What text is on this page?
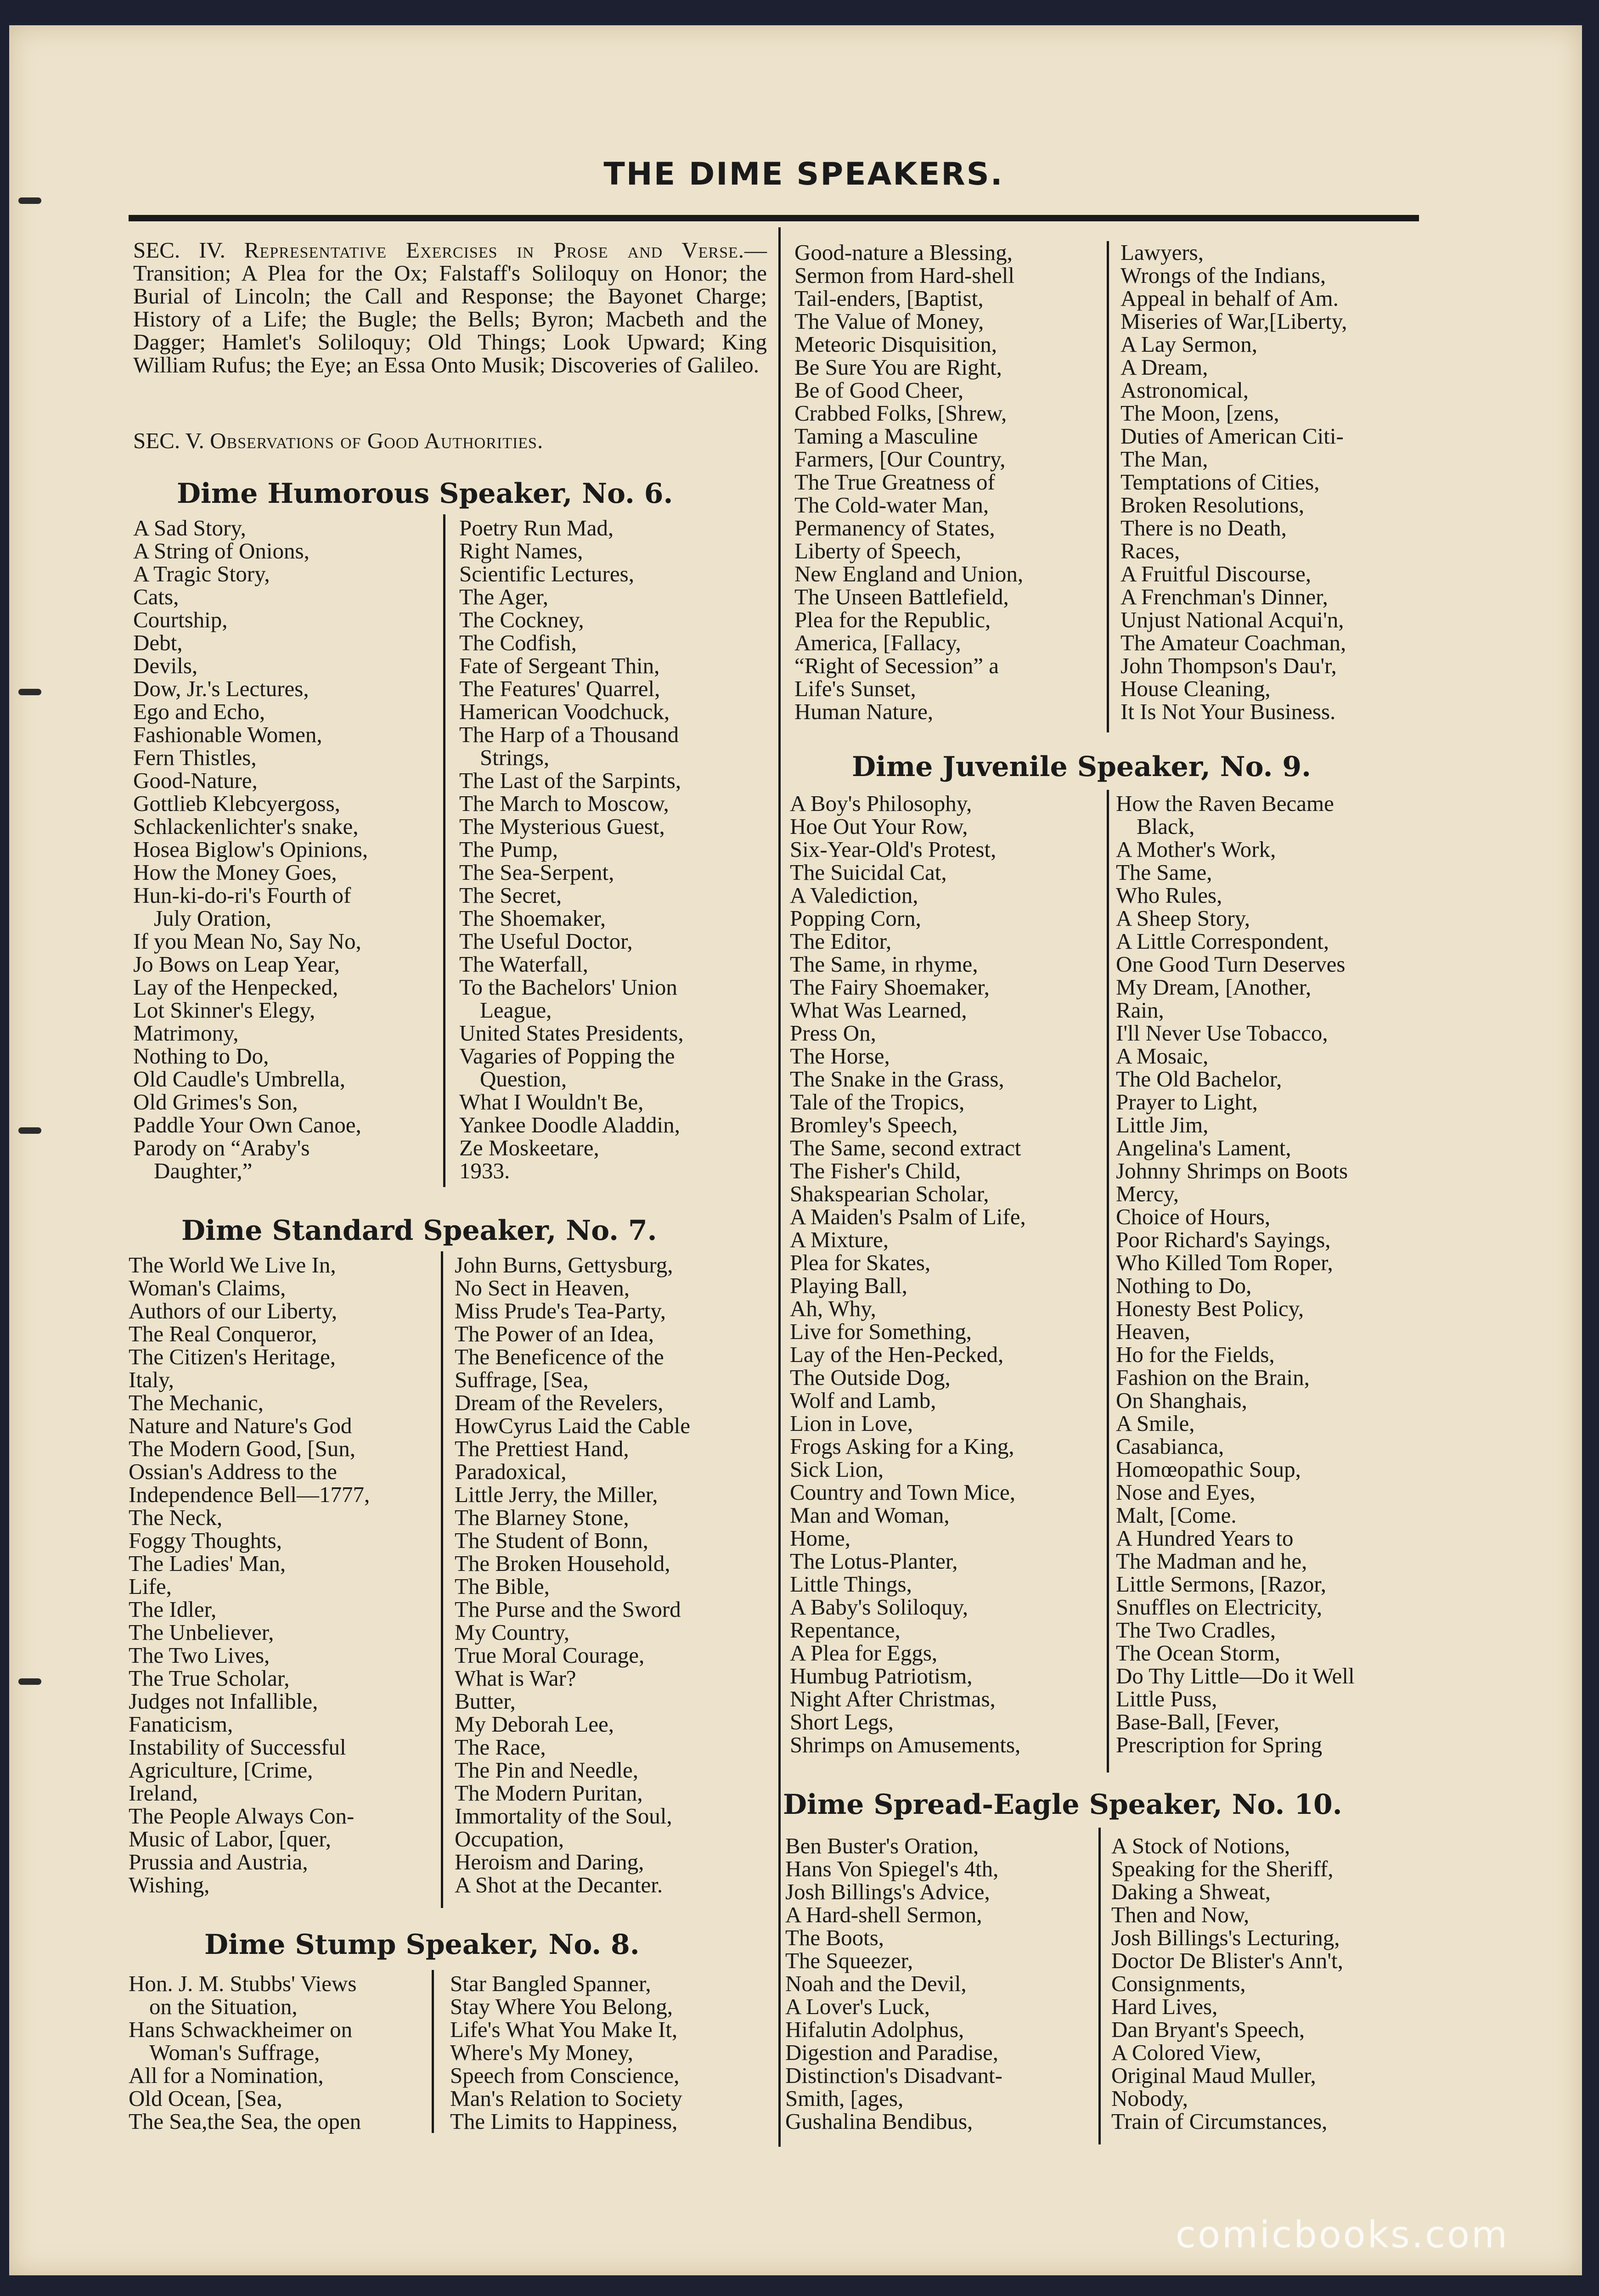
THE DIME SPEAKERS.
SEC. IV. Representative Exercises in Prose and Verse.—Transition; A Plea for the Ox; Falstaff's Soliloquy on Honor; the Burial of Lincoln; the Call and Response; the Bayonet Charge; History of a Life; the Bugle; the Bells; Byron; Macbeth and the Dagger; Hamlet's Soliloquy; Old Things; Look Upward; King William Rufus; the Eye; an Essa Onto Musik; Discoveries of Galileo.
SEC. V. Observations of Good Authorities.
Dime Humorous Speaker, No. 6.
Dime Standard Speaker, No. 7.
Dime Stump Speaker, No. 8.
Dime Juvenile Speaker, No. 9.
Dime Spread-Eagle Speaker, No. 10.
A Sad Story,
A String of Onions,
A Tragic Story,
Cats,
Courtship,
Debt,
Devils,
Dow, Jr.'s Lectures,
Ego and Echo,
Fashionable Women,
Fern Thistles,
Good-Nature,
Gottlieb Klebcyergoss,
Schlackenlichter's snake,
Hosea Biglow's Opinions,
How the Money Goes,
Hun-ki-do-ri's Fourth of
July Oration,
If you Mean No, Say No,
Jo Bows on Leap Year,
Lay of the Henpecked,
Lot Skinner's Elegy,
Matrimony,
Nothing to Do,
Old Caudle's Umbrella,
Old Grimes's Son,
Paddle Your Own Canoe,
Parody on “Araby's
Daughter,”
Poetry Run Mad,
Right Names,
Scientific Lectures,
The Ager,
The Cockney,
The Codfish,
Fate of Sergeant Thin,
The Features' Quarrel,
Hamerican Voodchuck,
The Harp of a Thousand
Strings,
The Last of the Sarpints,
The March to Moscow,
The Mysterious Guest,
The Pump,
The Sea-Serpent,
The Secret,
The Shoemaker,
The Useful Doctor,
The Waterfall,
To the Bachelors' Union
League,
United States Presidents,
Vagaries of Popping the
Question,
What I Wouldn't Be,
Yankee Doodle Aladdin,
Ze Moskeetare,
1933.
The World We Live In,
Woman's Claims,
Authors of our Liberty,
The Real Conqueror,
The Citizen's Heritage,
Italy,
The Mechanic,
Nature and Nature's God
The Modern Good, [Sun,
Ossian's Address to the
Independence Bell—1777,
The Neck,
Foggy Thoughts,
The Ladies' Man,
Life,
The Idler,
The Unbeliever,
The Two Lives,
The True Scholar,
Judges not Infallible,
Fanaticism,
Instability of Successful
Agriculture, [Crime,
Ireland,
The People Always Con-
Music of Labor, [quer,
Prussia and Austria,
Wishing,
John Burns, Gettysburg,
No Sect in Heaven,
Miss Prude's Tea-Party,
The Power of an Idea,
The Beneficence of the
Suffrage, [Sea,
Dream of the Revelers,
HowCyrus Laid the Cable
The Prettiest Hand,
Paradoxical,
Little Jerry, the Miller,
The Blarney Stone,
The Student of Bonn,
The Broken Household,
The Bible,
The Purse and the Sword
My Country,
True Moral Courage,
What is War?
Butter,
My Deborah Lee,
The Race,
The Pin and Needle,
The Modern Puritan,
Immortality of the Soul,
Occupation,
Heroism and Daring,
A Shot at the Decanter.
Hon. J. M. Stubbs' Views
on the Situation,
Hans Schwackheimer on
Woman's Suffrage,
All for a Nomination,
Old Ocean, [Sea,
The Sea,the Sea, the open
Star Bangled Spanner,
Stay Where You Belong,
Life's What You Make It,
Where's My Money,
Speech from Conscience,
Man's Relation to Society
The Limits to Happiness,
Good-nature a Blessing,
Sermon from Hard-shell
Tail-enders, [Baptist,
The Value of Money,
Meteoric Disquisition,
Be Sure You are Right,
Be of Good Cheer,
Crabbed Folks, [Shrew,
Taming a Masculine
Farmers, [Our Country,
The True Greatness of
The Cold-water Man,
Permanency of States,
Liberty of Speech,
New England and Union,
The Unseen Battlefield,
Plea for the Republic,
America, [Fallacy,
“Right of Secession” a
Life's Sunset,
Human Nature,
Lawyers,
Wrongs of the Indians,
Appeal in behalf of Am.
Miseries of War,[Liberty,
A Lay Sermon,
A Dream,
Astronomical,
The Moon, [zens,
Duties of American Citi-
The Man,
Temptations of Cities,
Broken Resolutions,
There is no Death,
Races,
A Fruitful Discourse,
A Frenchman's Dinner,
Unjust National Acqui'n,
The Amateur Coachman,
John Thompson's Dau'r,
House Cleaning,
It Is Not Your Business.
A Boy's Philosophy,
Hoe Out Your Row,
Six-Year-Old's Protest,
The Suicidal Cat,
A Valediction,
Popping Corn,
The Editor,
The Same, in rhyme,
The Fairy Shoemaker,
What Was Learned,
Press On,
The Horse,
The Snake in the Grass,
Tale of the Tropics,
Bromley's Speech,
The Same, second extract
The Fisher's Child,
Shakspearian Scholar,
A Maiden's Psalm of Life,
A Mixture,
Plea for Skates,
Playing Ball,
Ah, Why,
Live for Something,
Lay of the Hen-Pecked,
The Outside Dog,
Wolf and Lamb,
Lion in Love,
Frogs Asking for a King,
Sick Lion,
Country and Town Mice,
Man and Woman,
Home,
The Lotus-Planter,
Little Things,
A Baby's Soliloquy,
Repentance,
A Plea for Eggs,
Humbug Patriotism,
Night After Christmas,
Short Legs,
Shrimps on Amusements,
How the Raven Became
Black,
A Mother's Work,
The Same,
Who Rules,
A Sheep Story,
A Little Correspondent,
One Good Turn Deserves
My Dream, [Another,
Rain,
I'll Never Use Tobacco,
A Mosaic,
The Old Bachelor,
Prayer to Light,
Little Jim,
Angelina's Lament,
Johnny Shrimps on Boots
Mercy,
Choice of Hours,
Poor Richard's Sayings,
Who Killed Tom Roper,
Nothing to Do,
Honesty Best Policy,
Heaven,
Ho for the Fields,
Fashion on the Brain,
On Shanghais,
A Smile,
Casabianca,
Homœopathic Soup,
Nose and Eyes,
Malt, [Come.
A Hundred Years to
The Madman and he,
Little Sermons, [Razor,
Snuffles on Electricity,
The Two Cradles,
The Ocean Storm,
Do Thy Little—Do it Well
Little Puss,
Base-Ball, [Fever,
Prescription for Spring
Ben Buster's Oration,
Hans Von Spiegel's 4th,
Josh Billings's Advice,
A Hard-shell Sermon,
The Boots,
The Squeezer,
Noah and the Devil,
A Lover's Luck,
Hifalutin Adolphus,
Digestion and Paradise,
Distinction's Disadvant-
Smith, [ages,
Gushalina Bendibus,
A Stock of Notions,
Speaking for the Sheriff,
Daking a Shweat,
Then and Now,
Josh Billings's Lecturing,
Doctor De Blister's Ann't,
Consignments,
Hard Lives,
Dan Bryant's Speech,
A Colored View,
Original Maud Muller,
Nobody,
Train of Circumstances,
comicbooks.com
